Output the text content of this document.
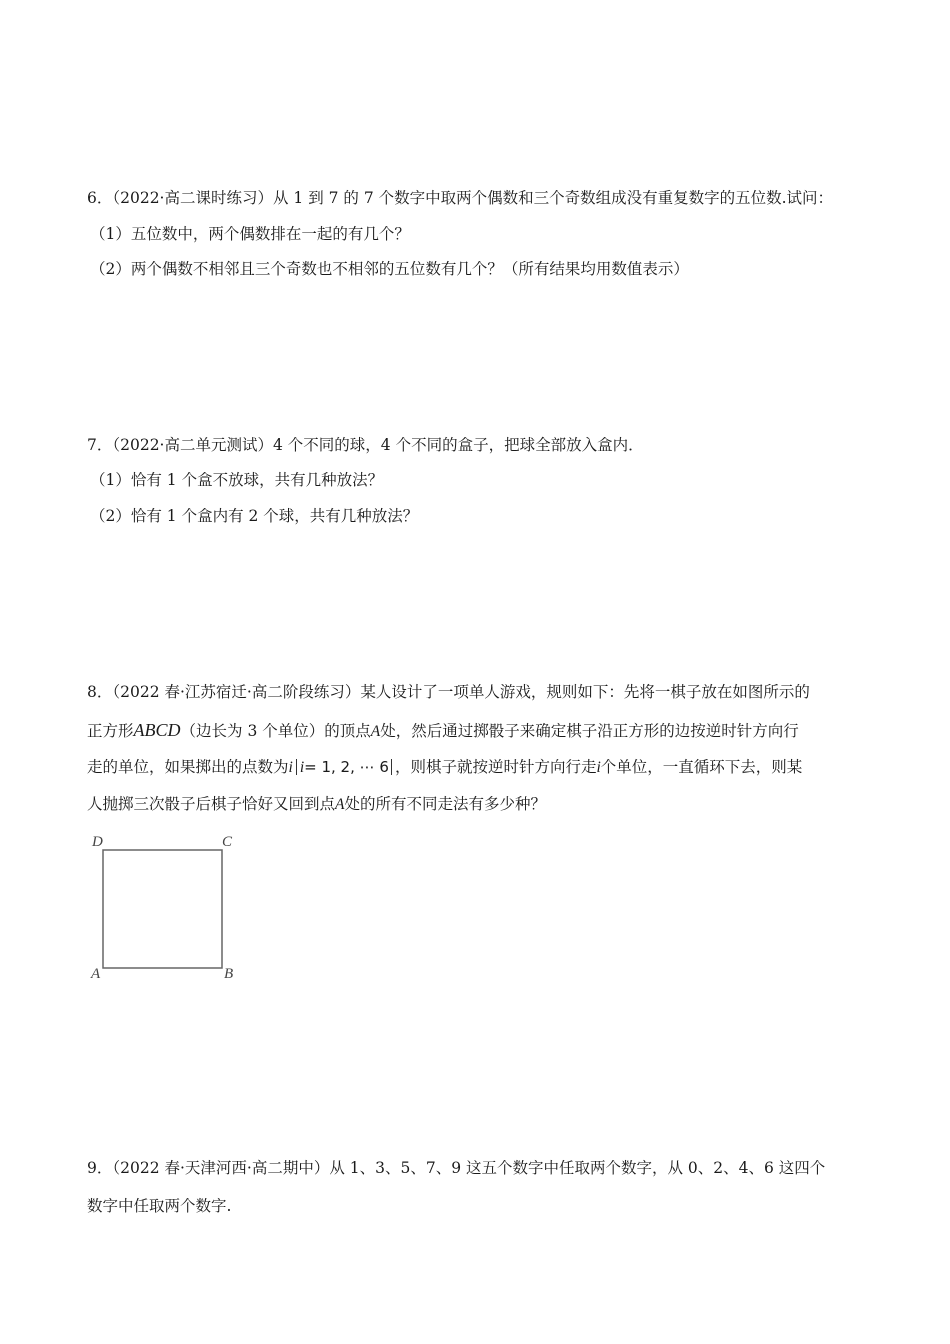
6．（2022·高二课时练习）从 1 到 7 的 7 个数字中取两个偶数和三个奇数组成没有重复数字的五位数.试问：
（1）五位数中，两个偶数排在一起的有几个？
（2）两个偶数不相邻且三个奇数也不相邻的五位数有几个？（所有结果均用数值表示）
7．（2022·高二单元测试）4 个不同的球，4 个不同的盒子，把球全部放入盒内．
（1）恰有 1 个盒不放球，共有几种放法？
（2）恰有 1 个盒内有 2 个球，共有几种放法？
8．（2022 春·江苏宿迁·高二阶段练习）某人设计了一项单人游戏，规则如下：先将一棋子放在如图所示的
正方形ABCD（边长为 3 个单位）的顶点A处，然后通过掷骰子来确定棋子沿正方形的边按逆时针方向行
走的单位，如果掷出的点数为i i= 1, 2, ⋯ 6 ，则棋子就按逆时针方向行走i个单位，一直循环下去，则某
人抛掷三次骰子后棋子恰好又回到点A处的所有不同走法有多少种？
D	C
A	B
9．（2022 春·天津河西·高二期中）从 1、3、5、7、9 这五个数字中任取两个数字，从 0、2、4、6 这四个
数字中任取两个数字.
